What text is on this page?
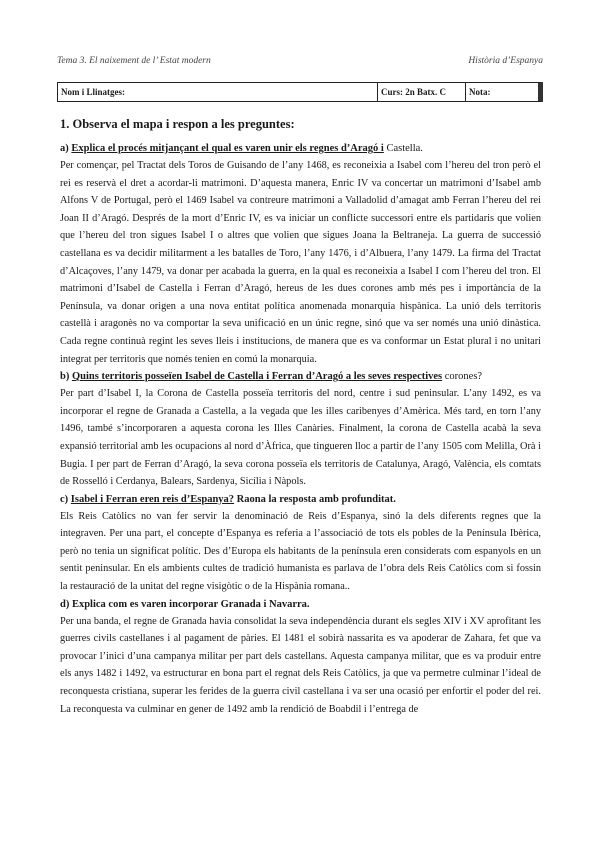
Tema 3. El naixement de l’ Estat modern	Història d’Espanya
Nom i Llinatges:	Curs: 2n Batx. C	Nota:
1. Observa el mapa i respon a les preguntes:

a) Explica el procés mitjançant el qual es varen unir els regnes d’Aragó i Castella.

Per començar, pel Tractat dels Toros de Guisando de l’any 1468, es reconeixia a Isabel com l’hereu del tron però el rei es reservà el dret a acordar-li matrimoni. D’aquesta manera, Enric IV va concertar un matrimoni d’Isabel amb Alfons V de Portugal, però el 1469 Isabel va contreure matrimoni a Valladolid d’amagat amb Ferran l’hereu del rei Joan II d’Aragó. Després de la mort d’Enric IV, es va iniciar un conflicte successori entre els partidaris que volien que l’hereu del tron sigues Isabel I o altres que volien que sigues Joana la Beltraneja. La guerra de successió castellana es va decidir militarment a les batalles de Toro, l’any 1476, i d’Albuera, l’any 1479. La firma del Tractat d’Alcaçoves, l’any 1479, va donar per acabada la guerra, en la qual es reconeixia a Isabel I com l’hereu del tron. El matrimoni d’Isabel de Castella i Ferran d’Aragó, hereus de les dues corones amb més pes i importància de la Península, va donar origen a una nova entitat política anomenada monarquia hispànica. La unió dels territoris castellà i aragonès no va comportar la seva unificació en un únic regne, sinó que va ser només una unió dinàstica. Cada regne continuà regint les seves lleis i institucions, de manera que es va conformar un Estat plural i no unitari integrat per territoris que només tenien en comú la monarquia.

b) Quins territoris posseïen Isabel de Castella i Ferran d’Aragó a les seves respectives corones?

Per part d’Isabel I, la Corona de Castella posseïa territoris del nord, centre i sud peninsular. L’any 1492, es va incorporar el regne de Granada a Castella, a la vegada que les illes caribenyes d’Amèrica. Més tard, en torn l’any 1496, també s’incorporaren a aquesta corona les Illes Canàries. Finalment, la corona de Castella acabà la seva expansió territorial amb les ocupacions al nord d’Àfrica, que tingueren lloc a partir de l’any 1505 com Melilla, Orà i Bugia. I per part de Ferran d’Aragó, la seva corona posseïa els territoris de Catalunya, Aragó, València, els comtats de Rosselló i Cerdanya, Balears, Sardenya, Sicília i Nàpols.

c) Isabel i Ferran eren reis d’Espanya? Raona la resposta amb profunditat.

Els Reis Catòlics no van fer servir la denominació de Reis d’Espanya, sinó la dels diferents regnes que la integraven. Per una part, el concepte d’Espanya es referia a l’associació de tots els pobles de la Península Ibèrica, però no tenia un significat polític. Des d’Europa els habitants de la península eren considerats com espanyols en un sentit peninsular. En els ambients cultes de tradició humanista es parlava de l’obra dels Reis Catòlics com si fossin la restauració de la unitat del regne visigòtic o de la Hispània romana..

d) Explica com es varen incorporar Granada i Navarra.

Per una banda, el regne de Granada havia consolidat la seva independència durant els segles XIV i XV aprofitant les guerres civils castellanes i al pagament de pàries. El 1481 el sobirà nassarita es va apoderar de Zahara, fet que va provocar l’inici d’una campanya militar per part dels castellans. Aquesta campanya militar, que es va produir entre els anys 1482 i 1492, va estructurar en bona part el regnat dels Reis Catòlics, ja que va permetre culminar l’ideal de reconquesta cristiana, superar les ferides de la guerra civil castellana i va ser una ocasió per enfortir el poder del rei. La reconquesta va culminar en gener de 1492 amb la rendició de Boabdil i l’entrega de
